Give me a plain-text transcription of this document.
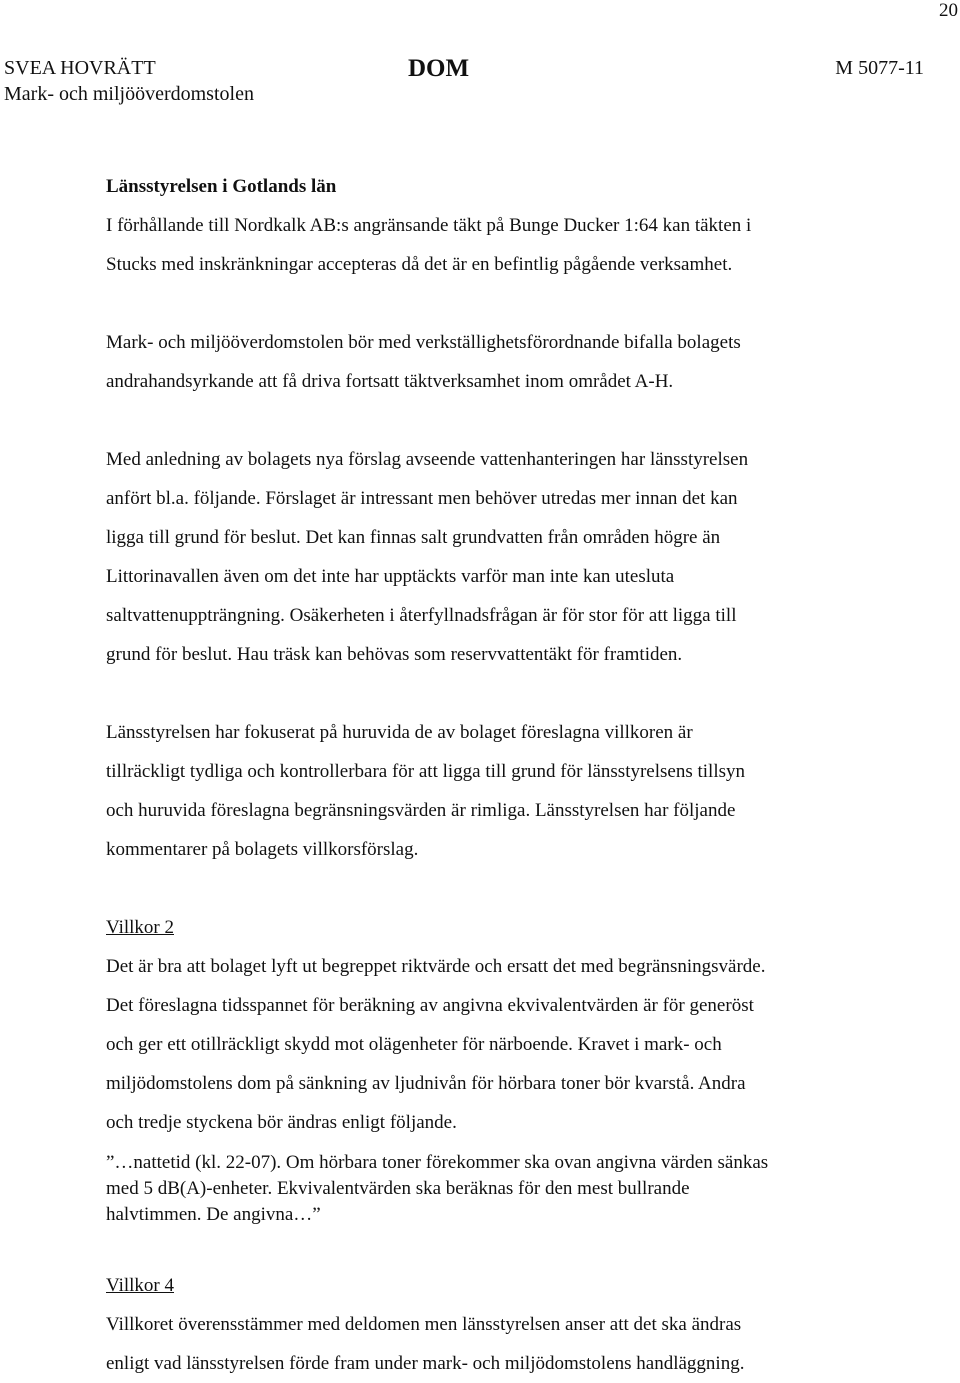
20
SVEA HOVRÄTT
Mark- och miljööverdomstolen
DOM	M 5077-11

Länsstyrelsen i Gotlands län

I förhållande till Nordkalk AB:s angränsande täkt på Bunge Ducker 1:64 kan täkten i
Stucks med inskränkningar accepteras då det är en befintlig pågående verksamhet.

Mark- och miljööverdomstolen bör med verkställighetsförordnande bifalla bolagets
andrahandsyrkande att få driva fortsatt täktverksamhet inom området A-H.

Med anledning av bolagets nya förslag avseende vattenhanteringen har länsstyrelsen
anfört bl.a. följande. Förslaget är intressant men behöver utredas mer innan det kan
ligga till grund för beslut. Det kan finnas salt grundvatten från områden högre än
Littorinavallen även om det inte har upptäckts varför man inte kan utesluta
saltvattenuppträngning. Osäkerheten i återfyllnadsfrågan är för stor för att ligga till
grund för beslut. Hau träsk kan behövas som reservvattentäkt för framtiden.

Länsstyrelsen har fokuserat på huruvida de av bolaget föreslagna villkoren är
tillräckligt tydliga och kontrollerbara för att ligga till grund för länsstyrelsens tillsyn
och huruvida föreslagna begränsningsvärden är rimliga. Länsstyrelsen har följande
kommentarer på bolagets villkorsförslag.

Villkor 2

Det är bra att bolaget lyft ut begreppet riktvärde och ersatt det med begränsningsvärde.
Det föreslagna tidsspannet för beräkning av angivna ekvivalentvärden är för generöst
och ger ett otillräckligt skydd mot olägenheter för närboende. Kravet i mark- och
miljödomstolens dom på sänkning av ljudnivån för hörbara toner bör kvarstå. Andra
och tredje styckena bör ändras enligt följande.

”…nattetid (kl. 22-07). Om hörbara toner förekommer ska ovan angivna värden sänkas
med 5 dB(A)-enheter. Ekvivalentvärden ska beräknas för den mest bullrande
halvtimmen. De angivna…”

Villkor 4

Villkoret överensstämmer med deldomen men länsstyrelsen anser att det ska ändras
enligt vad länsstyrelsen förde fram under mark- och miljödomstolens handläggning.
